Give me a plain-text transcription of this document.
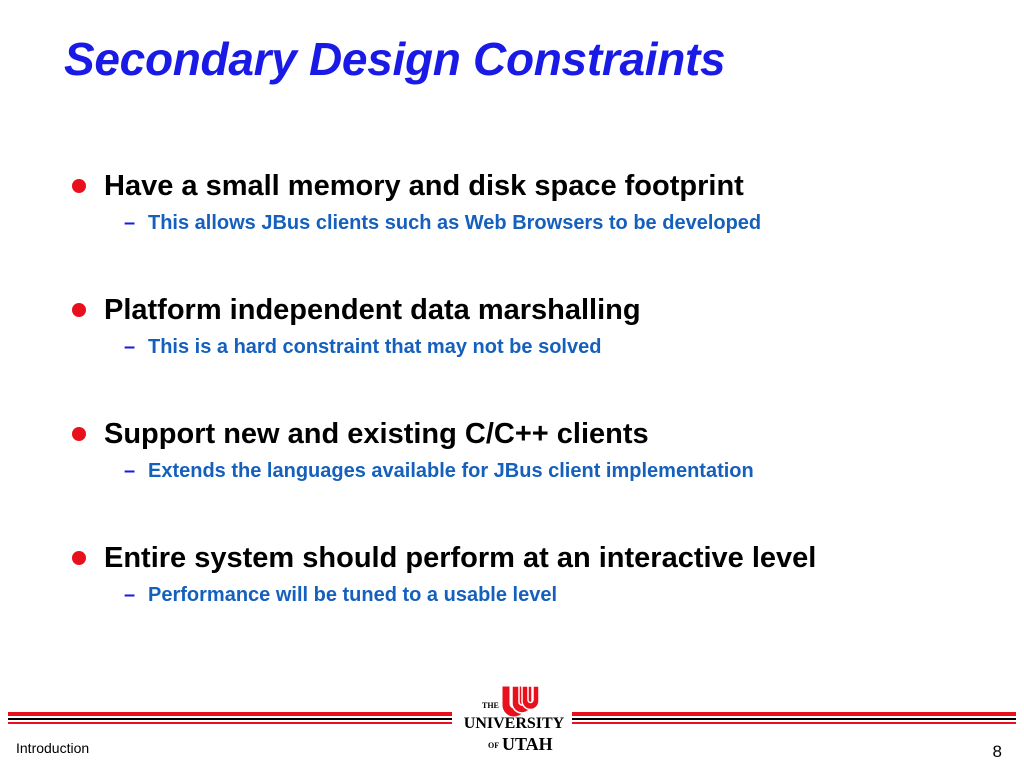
Secondary Design Constraints
Have a small memory and disk space footprint
– This allows JBus clients such as Web Browsers to be developed
Platform independent data marshalling
– This is a hard constraint that may not be solved
Support new and existing C/C++ clients
– Extends the languages available for JBus client implementation
Entire system should perform at an interactive level
– Performance will be tuned to a usable level
THE
UNIVERSITY
OF UTAH
Introduction	8
